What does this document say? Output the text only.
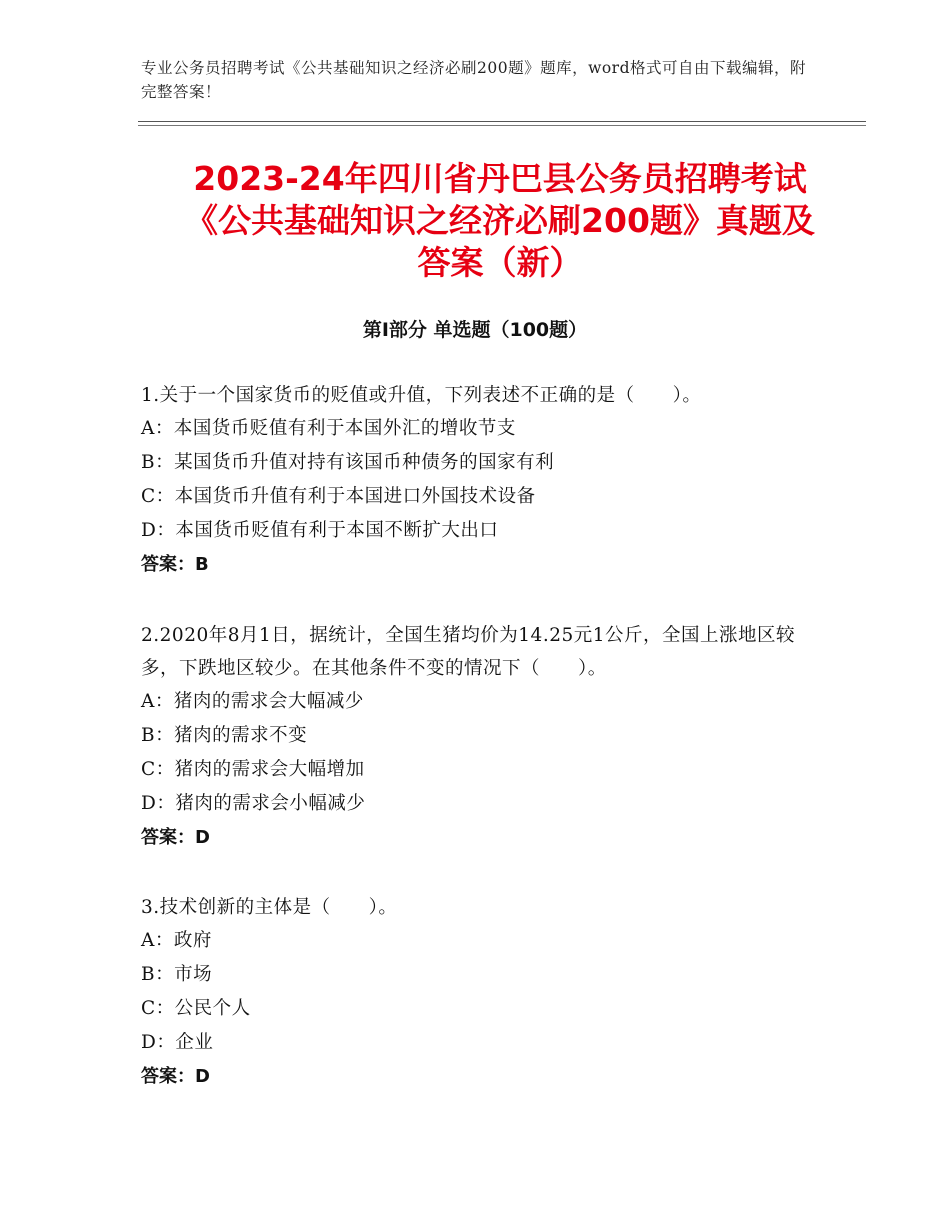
专业公务员招聘考试《公共基础知识之经济必刷200题》题库，word格式可自由下载编辑，附完整答案！
2023-24年四川省丹巴县公务员招聘考试
《公共基础知识之经济必刷200题》真题及
答案（新）
第Ⅰ部分 单选题（100题）
1.关于一个国家货币的贬值或升值，下列表述不正确的是（　　）。
A：本国货币贬值有利于本国外汇的增收节支
B：某国货币升值对持有该国币种债务的国家有利
C：本国货币升值有利于本国进口外国技术设备
D：本国货币贬值有利于本国不断扩大出口
答案：B
2.2020年8月1日，据统计，全国生猪均价为14.25元1公斤，全国上涨地区较多，下跌地区较少。在其他条件不变的情况下（　　）。
A：猪肉的需求会大幅减少
B：猪肉的需求不变
C：猪肉的需求会大幅增加
D：猪肉的需求会小幅减少
答案：D
3.技术创新的主体是（　　）。
A：政府
B：市场
C：公民个人
D：企业
答案：D
